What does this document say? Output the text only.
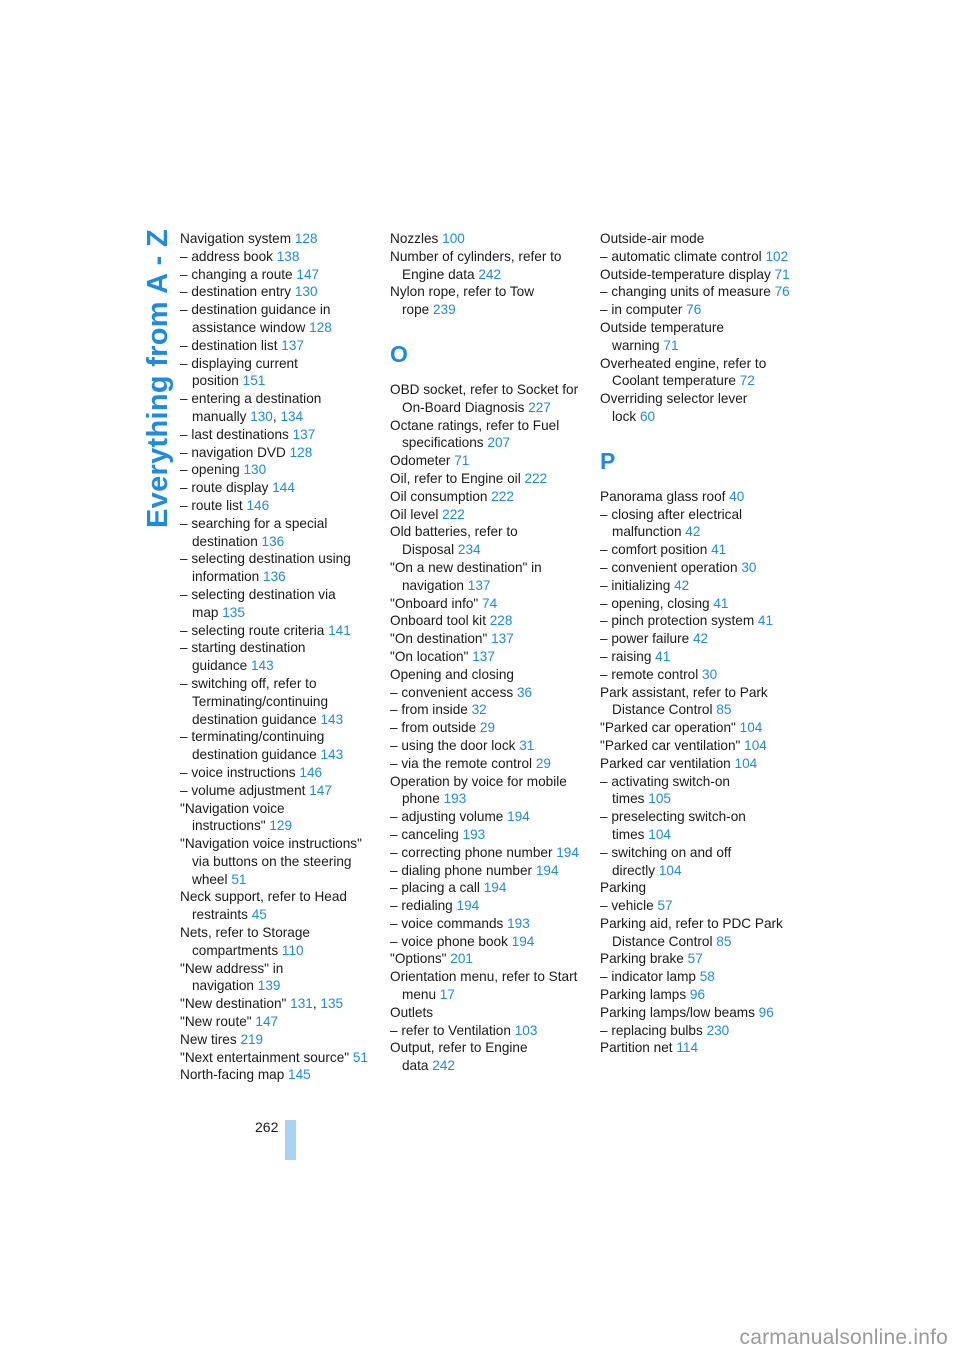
Everything from A - Z Navigation system 128

– address book 138

– changing a route 147

– destination entry 130

– destination guidance in assistance window 128

– destination list 137

– displaying current position 151

– entering a destination manually 130, 134

– last destinations 137

– navigation DVD 128

– opening 130

– route display 144

– route list 146

– searching for a special destination 136

– selecting destination using information 136

– selecting destination via map 135

– selecting route criteria 141

– starting destination guidance 143

– switching off, refer to Terminating/continuing destination guidance 143

– terminating/continuing destination guidance 143

– voice instructions 146

– volume adjustment 147

"Navigation voice instructions" 129

"Navigation voice instructions" via buttons on the steering wheel 51

Neck support, refer to Head restraints 45

Nets, refer to Storage compartments 110

"New address" in navigation 139

"New destination" 131, 135

"New route" 147

New tires 219

"Next entertainment source" 51

North-facing map 145

Nozzles 100

Number of cylinders, refer to Engine data 242

Nylon rope, refer to Tow rope 239

O

OBD socket, refer to Socket for On-Board Diagnosis 227

Octane ratings, refer to Fuel specifications 207

Odometer 71

Oil, refer to Engine oil 222

Oil consumption 222

Oil level 222

Old batteries, refer to Disposal 234

"On a new destination" in navigation 137

"Onboard info" 74

Onboard tool kit 228

"On destination" 137

"On location" 137

Opening and closing

– convenient access 36

– from inside 32

– from outside 29

– using the door lock 31

– via the remote control 29

Operation by voice for mobile phone 193

– adjusting volume 194

– canceling 193

– correcting phone number 194

– dialing phone number 194

– placing a call 194

– redialing 194

– voice commands 193

– voice phone book 194

"Options" 201

Orientation menu, refer to Start menu 17

Outlets

– refer to Ventilation 103

Output, refer to Engine data 242

Outside-air mode

– automatic climate control 102

Outside-temperature display 71

– changing units of measure 76

– in computer 76

Outside temperature warning 71

Overheated engine, refer to Coolant temperature 72

Overriding selector lever lock 60

P

Panorama glass roof 40

– closing after electrical malfunction 42

– comfort position 41

– convenient operation 30

– initializing 42

– opening, closing 41

– pinch protection system 41

– power failure 42

– raising 41

– remote control 30

Park assistant, refer to Park Distance Control 85

"Parked car operation" 104

"Parked car ventilation" 104

Parked car ventilation 104

– activating switch-on times 105

– preselecting switch-on times 104

– switching on and off directly 104

Parking

– vehicle 57

Parking aid, refer to PDC Park Distance Control 85

Parking brake 57

– indicator lamp 58

Parking lamps 96

Parking lamps/low beams 96

– replacing bulbs 230

Partition net 114

262
carmanualsonline.info
